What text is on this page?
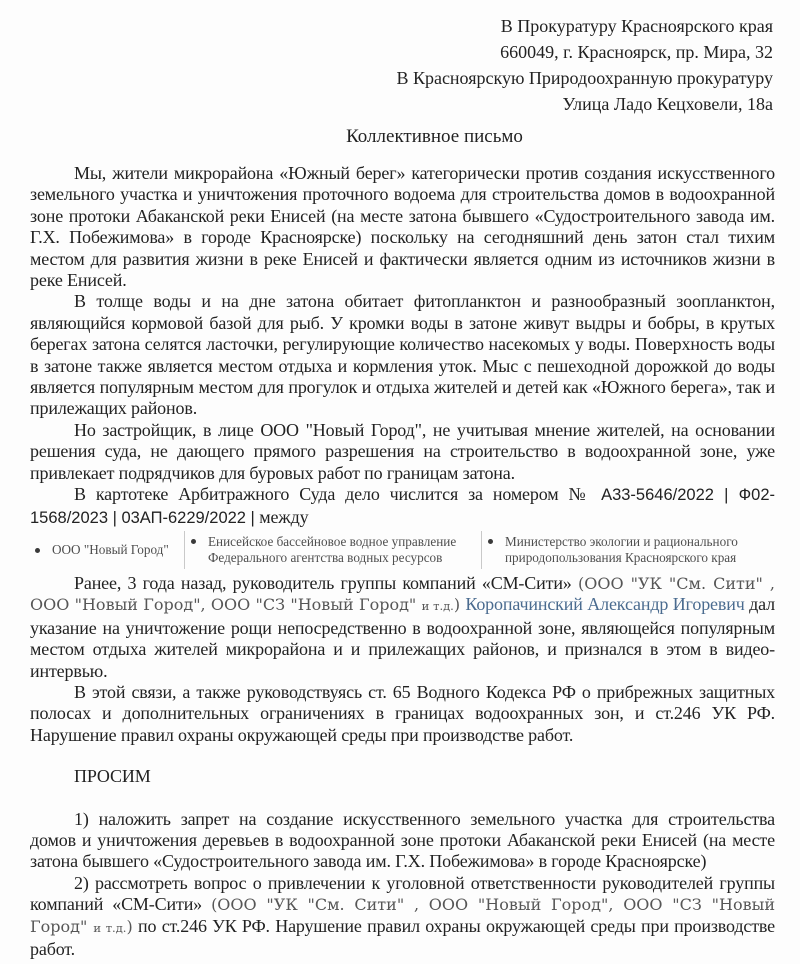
В Прокуратуру Красноярского края
660049, г. Красноярск, пр. Мира, 32
В Красноярскую Природоохранную прокуратуру
Улица Ладо Кецховели, 18а
Коллективное письмо

Мы, жители микрорайона «Южный берег» категорически против создания искусственного земельного участка и уничтожения проточного водоема для строительства домов в водоохранной зоне протоки Абаканской реки Енисей (на месте затона бывшего «Судостроительного завода им. Г.Х. Побежимова» в городе Красноярске) поскольку на сегодняшний день затон стал тихим местом для развития жизни в реке Енисей и фактически является одним из источников жизни в реке Енисей.

В толще воды и на дне затона обитает фитопланктон и разнообразный зоопланктон, являющийся кормовой базой для рыб. У кромки воды в затоне живут выдры и бобры, в крутых берегах затона селятся ласточки, регулирующие количество насекомых у воды. Поверхность воды в затоне также является местом отдыха и кормления уток. Мыс с пешеходной дорожкой до воды является популярным местом для прогулок и отдыха жителей и детей как «Южного берега», так и прилежащих районов.

Но застройщик, в лице ООО "Новый Город", не учитывая мнение жителей, на основании решения суда, не дающего прямого разрешения на строительство в водоохранной зоне, уже привлекает подрядчиков для буровых работ по границам затона.

В картотеке Арбитражного Суда дело числится за номером № А33-5646/2022 | Ф02-1568/2023 | 03АП-6229/2022 | между

ООО "Новый Город"
Енисейское бассейновое водное управление Федерального агентства водных ресурсов
Министерство экологии и рационального природопользования Красноярского края

Ранее, 3 года назад, руководитель группы компаний «СМ-Сити» (ООО "УК "См. Сити" , ООО "Новый Город", ООО "СЗ "Новый Город" и т.д.) Коропачинский Александр Игоревич дал указание на уничтожение рощи непосредственно в водоохранной зоне, являющейся популярным местом отдыха жителей микрорайона и и прилежащих районов, и признался в этом в видео-интервью.

В этой связи, а также руководствуясь ст. 65 Водного Кодекса РФ о прибрежных защитных полосах и дополнительных ограничениях в границах водоохранных зон, и ст.246 УК РФ. Нарушение правил охраны окружающей среды при производстве работ.

ПРОСИМ

1) наложить запрет на создание искусственного земельного участка для строительства домов и уничтожения деревьев в водоохранной зоне протоки Абаканской реки Енисей (на месте затона бывшего «Судостроительного завода им. Г.Х. Побежимова» в городе Красноярске)

2) рассмотреть вопрос о привлечении к уголовной ответственности руководителей группы компаний «СМ-Сити» (ООО "УК "См. Сити" , ООО "Новый Город", ООО "СЗ "Новый Город" и т.д.) по ст.246 УК РФ. Нарушение правил охраны окружающей среды при производстве работ.
